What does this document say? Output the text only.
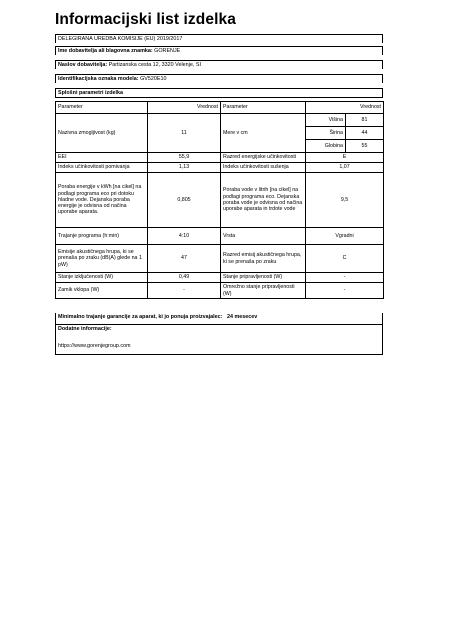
Informacijski list izdelka
DELEGIRANA UREDBA KOMISIJE (EU) 2019/2017
Ime dobavitelja ali blagovna znamka: GORENJE
Naslov dobavitelja: Partizanska cesta 12, 3320 Velenje, SI
Identifikacijska oznaka modela: GV520E10
Splošni parametri izdelka
Parameter	Vrednost	Parameter	Vrednost	
Nazivna zmogljivost (kg)	11	Mere v cm	Višina	81
			Širina	44
			Globina	55
EEI	55,9	Razred energijske učinkovitosti	E	
Indeks učinkovitosti pomivanja	1,13	Indeks učinkovitosti sušenja	1,07	
Poraba energije v kWh [na cikel] na podlagi programa eco pri dotoku hladne vode. Dejanska poraba energije je odvisna od načina uporabe aparata.	0,805	Poraba vode v litrih [na cikel] na podlagi programa eco. Dejanska poraba vode je odvisna od načina uporabe aparata in trdote vode	9,5	
Trajanje programa (h:min)	4:10	Vrsta	Vgradni	
Emisije akustičnega hrupa, ki se prenaša po zraku (dB(A) glede na 1 pW)	47	Razred emisij akustičnega hrupa, ki se prenaša po zraku	C	
Stanje izključenosti (W)	0,49	Stanje pripravljenosti (W)	-	
Zamik vklopa (W)	-	Omrežno stanje pripravljenosti (W)	-	
Minimalno trajanje garancije za aparat, ki jo ponuja proizvajalec: 24 mesecev
Dodatne informacije:
https://www.gorenjegroup.com
